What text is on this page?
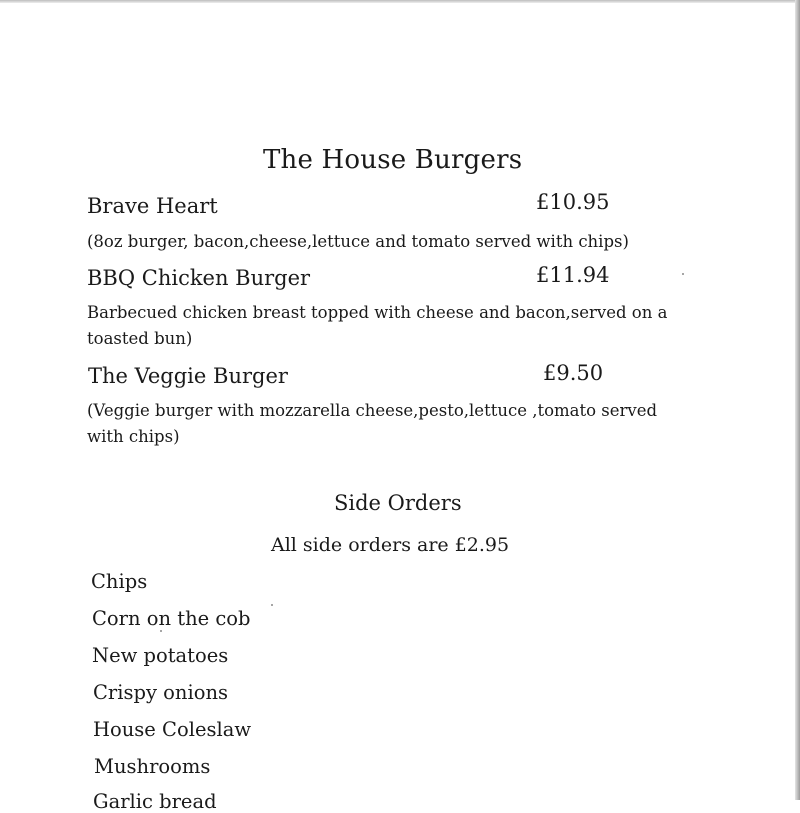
The House Burgers
Brave Heart	£10.95
(8oz burger, bacon,cheese,lettuce and tomato served with chips)
BBQ Chicken Burger	£11.94
Barbecued chicken breast topped with cheese and bacon,served on a toasted bun)
The Veggie Burger	£9.50
(Veggie burger with mozzarella cheese,pesto,lettuce ,tomato served with chips)
Side Orders
All side orders are £2.95
Chips
Corn on the cob
New potatoes
Crispy onions
House Coleslaw
Mushrooms
Garlic bread
